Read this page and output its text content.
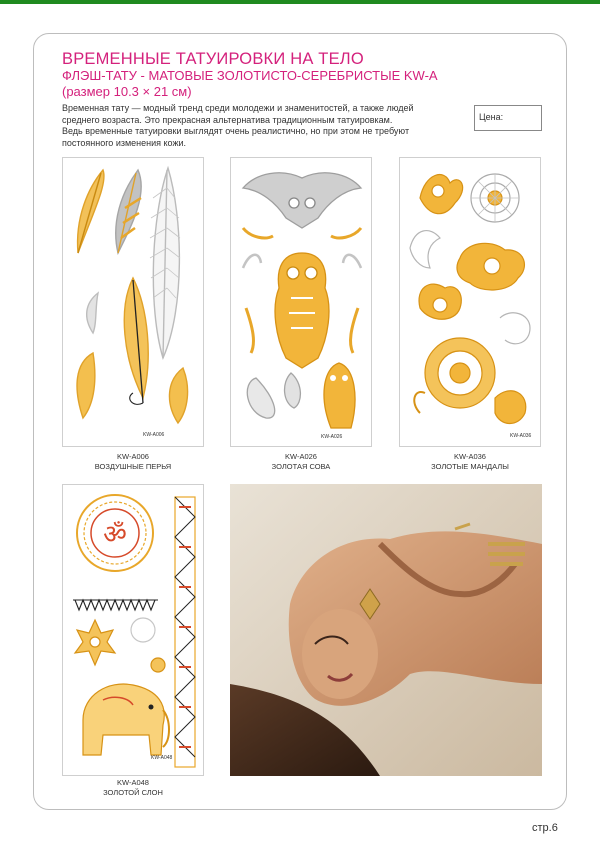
ВРЕМЕННЫЕ ТАТУИРОВКИ НА ТЕЛО
ФЛЭШ-ТАТУ - МАТОВЫЕ ЗОЛОТИСТО-СЕРЕБРИСТЫЕ KW-A
(размер 10.3 × 21 см)

Временная тату — модный тренд среди молодежи и знаменитостей, а также людей

среднего возраста. Это прекрасная альтернатива традиционным татуировкам.

Ведь временные татуировки выглядят очень реалистично, но при этом не требуют

постоянного изменения кожи.

Цена:
KW-A006
KW-A006
ВОЗДУШНЫЕ ПЕРЬЯ
KW-A026
KW-A026
ЗОЛОТАЯ СОВА
KW-A036
KW-A036
ЗОЛОТЫЕ МАНДАЛЫ
ॐ
KW-A048
KW-A048
ЗОЛОТОЙ СЛОН
стр.6
